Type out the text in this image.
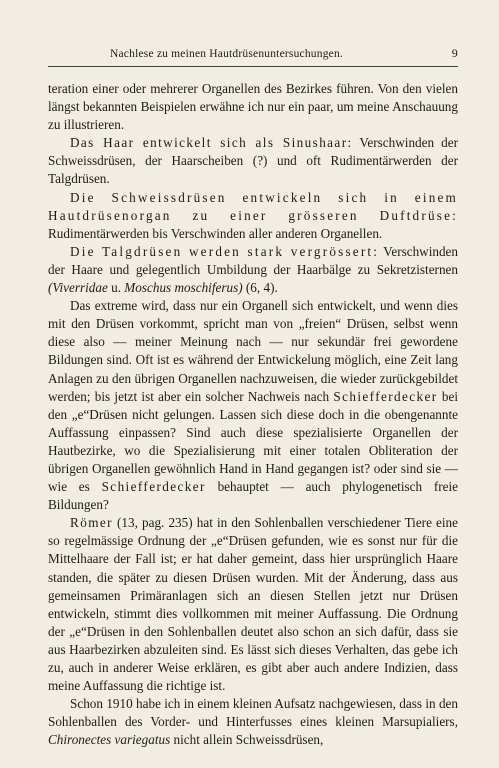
Nachlese zu meinen Hautdrüsenuntersuchungen.	9

teration einer oder mehrerer Organellen des Bezirkes führen. Von den vielen längst bekannten Beispielen erwähne ich nur ein paar, um meine Anschauung zu illustrieren.

Das Haar entwickelt sich als Sinushaar: Verschwinden der Schweissdrüsen, der Haarscheiben (?) und oft Rudimentärwerden der Talgdrüsen.

Die Schweissdrüsen entwickeln sich in einem Hautdrüsenorgan zu einer grösseren Duftdrüse: Rudimentärwerden bis Verschwinden aller anderen Organellen.

Die Talgdrüsen werden stark vergrössert: Verschwinden der Haare und gelegentlich Umbildung der Haarbälge zu Sekretzisternen (Viverridae u. Moschus moschiferus) (6, 4).

Das extreme wird, dass nur ein Organell sich entwickelt, und wenn dies mit den Drüsen vorkommt, spricht man von „freien“ Drüsen, selbst wenn diese also — meiner Meinung nach — nur sekundär frei gewordene Bildungen sind. Oft ist es während der Entwickelung möglich, eine Zeit lang Anlagen zu den übrigen Organellen nachzuweisen, die wieder zurückgebildet werden; bis jetzt ist aber ein solcher Nachweis nach Schiefferdecker bei den „e“Drüsen nicht gelungen. Lassen sich diese doch in die obengenannte Auffassung einpassen? Sind auch diese spezialisierte Organellen der Hautbezirke, wo die Spezialisierung mit einer totalen Obliteration der übrigen Organellen gewöhnlich Hand in Hand gegangen ist? oder sind sie — wie es Schiefferdecker behauptet — auch phylogenetisch freie Bildungen?

Römer (13, pag. 235) hat in den Sohlenballen verschiedener Tiere eine so regelmässige Ordnung der „e“Drüsen gefunden, wie es sonst nur für die Mittelhaare der Fall ist; er hat daher gemeint, dass hier ursprünglich Haare standen, die später zu diesen Drüsen wurden. Mit der Änderung, dass aus gemeinsamen Primäranlagen sich an diesen Stellen jetzt nur Drüsen entwickeln, stimmt dies vollkommen mit meiner Auffassung. Die Ordnung der „e“Drüsen in den Sohlenballen deutet also schon an sich dafür, dass sie aus Haarbezirken abzuleiten sind. Es lässt sich dieses Verhalten, das gebe ich zu, auch in anderer Weise erklären, es gibt aber auch andere Indizien, dass meine Auffassung die richtige ist.

Schon 1910 habe ich in einem kleinen Aufsatz nachgewiesen, dass in den Sohlenballen des Vorder- und Hinterfusses eines kleinen Marsupialiers, Chironectes variegatus nicht allein Schweissdrüsen,
